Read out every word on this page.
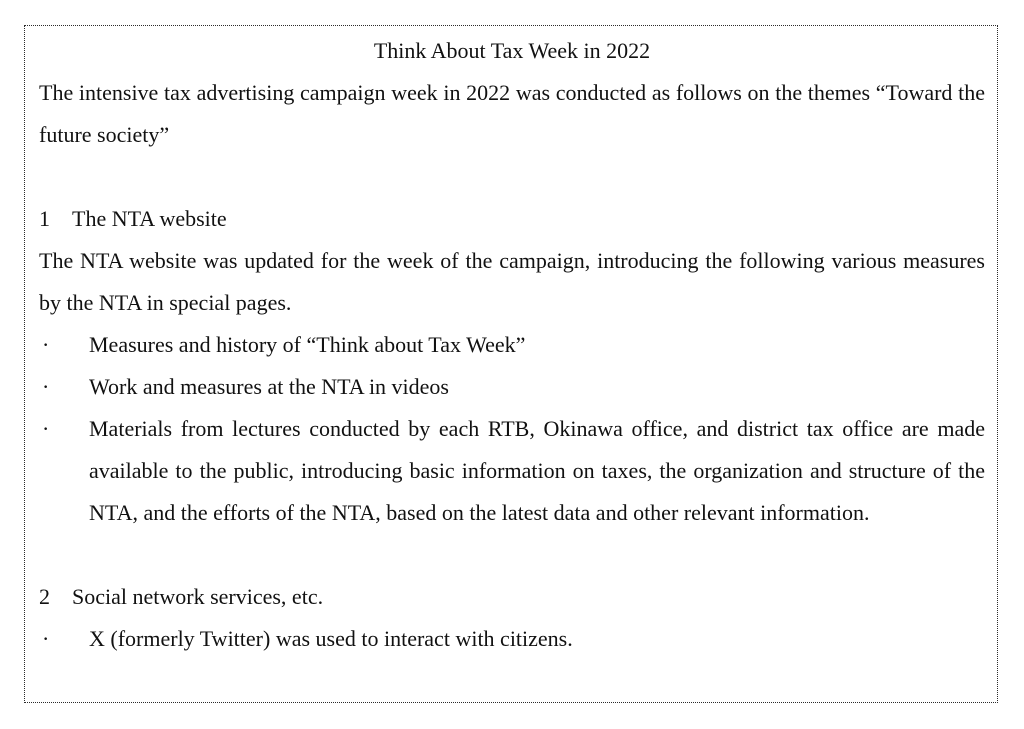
Think About Tax Week in 2022

The intensive tax advertising campaign week in 2022 was conducted as follows on the themes “Toward the future society”

1	The NTA website

The NTA website was updated for the week of the campaign, introducing the following various measures by the NTA in special pages.

·	Measures and history of “Think about Tax Week”
·	Work and measures at the NTA in videos
·	Materials from lectures conducted by each RTB, Okinawa office, and district tax office are made available to the public, introducing basic information on taxes, the organization and structure of the NTA, and the efforts of the NTA, based on the latest data and other relevant information.
2	Social network services, etc.
·	X (formerly Twitter) was used to interact with citizens.
